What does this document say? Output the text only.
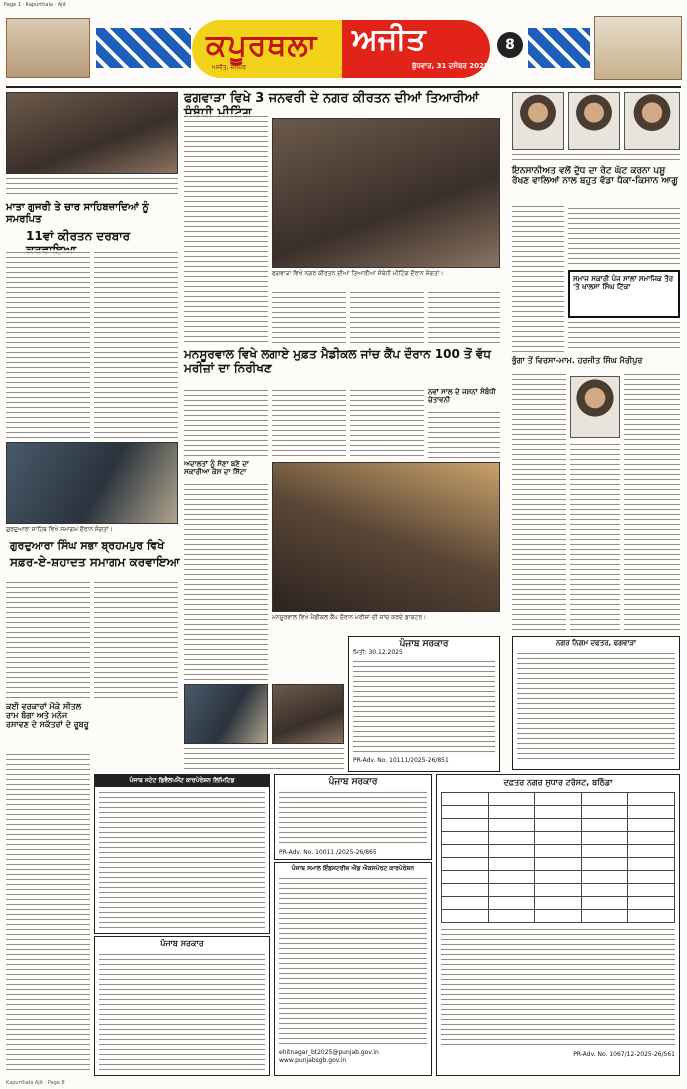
Page 1 · Kapurthala · Ajit
ਕਪੂਰਥਲਾ ਅਜੀਤ
ਬੁੱਧਵਾਰ, 31 ਦਸੰਬਰ 2025
ਅਜੀਤ, ਜਲੰਧਰ
8
ਮਾਤਾ ਗੁਜਰੀ ਤੇ ਚਾਰ ਸਾਹਿਬਜ਼ਾਦਿਆਂ ਨੂੰ ਸਮਰਪਿਤ
11ਵਾਂ ਕੀਰਤਨ ਦਰਬਾਰ
ਗੁਰਦੁਆਰਾ ਸਾਹਿਬ ਵਿਖੇ ਸਮਾਗਮ ਦੌਰਾਨ ਸੰਗਤਾਂ।
ਗੁਰਦੁਆਰਾ ਸਿੰਘ ਸਭਾ ਬ੍ਰਹਮਪੁਰ ਵਿਖੇ
ਸਫ਼ਰ-ਏ-ਸ਼ਹਾਦਤ ਸਮਾਗਮ ਕਰਵਾਇਆ
ਕਈ ਵਰਕਾਰਾਂ ਮੌਕੇ ਸੀਤਲ ਰਾਮ ਬੰਗਾ ਅਤੇ ਮਨੋਜ ਰਸਾਵਣ ਦੇ ਸਕੱਤਰਾਂ ਦੇ ਰੂਬਰੂ
ਫਗਵਾੜਾ ਵਿਖੇ 3 ਜਨਵਰੀ ਦੇ ਨਗਰ ਕੀਰਤਨ ਦੀਆਂ ਤਿਆਰੀਆਂ
ਫਗਵਾੜਾ ਵਿਖੇ ਨਗਰ ਕੀਰਤਨ ਦੀਆਂ ਤਿਆਰੀਆਂ ਸੰਬੰਧੀ ਮੀਟਿੰਗ ਦੌਰਾਨ ਸੰਗਤਾਂ।
ਮਨਸੂਰਵਾਲ ਵਿਖੇ ਲਗਾਏ ਮੁਫ਼ਤ ਮੈਡੀਕਲ ਜਾਂਚ ਕੈਂਪ ਦੌਰਾਨ 100 ਤੋਂ ਵੱਧ ਮਰੀਜ਼ਾਂ ਦਾ ਨਿਰੀਖਣ
ਨਵਾਂ ਸਾਲ ਦੇ ਜਸ਼ਨਾਂ ਸੰਬੰਧੀ ਚੇਤਾਵਨੀ
ਅਦਾਲਤਾਂ ਨੂੰ ਸੋਣਾ ਬਣੇ ਦਾ ਸਕਾਰੀਆ ਕੇਸ ਦਾ ਸਿੱਟਾ
ਮਨਸੂਰਵਾਲ ਵਿਖੇ ਮੈਡੀਕਲ ਕੈਂਪ ਦੌਰਾਨ ਮਰੀਜ਼ਾਂ ਦੀ ਜਾਂਚ ਕਰਦੇ ਡਾਕਟਰ।
ਪੰਜਾਬ ਸਰਕਾਰ
ਮਿਤੀ: 30.12.2025
PR-Adv. No. 10111/2025-26/851
ਇਨਸਾਨੀਅਤ ਵਲੋਂ ਦੁੱਧ ਦਾ ਰੇਟ ਘੱਟ ਕਰਨਾ ਪਸ਼ੂ ਰੱਖਣ ਵਾਲਿਆਂ ਨਾਲ ਬਹੁਤ ਵੱਡਾ ਧੱਕਾ-ਕਿਸਾਨ ਆਗੂ
ਸਮਾਜ ਸਕਾਰੀ ਪੰਜ ਸਾਲਾਂ ਸਮਾਜਿਕ ਤੌਰ 'ਤੇ ਖਾਲਸਾ ਸਿੰਘ ਟਿੱਕਾ
ਭੁੰਗਾ ਤੋਂ ਵਿਰਸਾ-ਮਾਮ. ਹਰਜੀਤ ਸਿੰਘ ਮੈਰੀਪੁਰ
ਨਗਰ ਨਿਗਮ ਦਫਤਰ, ਫਗਵਾੜਾ
ਪੰਜਾਬ ਸਟੇਟ ਡਿਵੈਲਪਮੈਂਟ ਕਾਰਪੋਰੇਸ਼ਨ ਲਿਮਿਟਿਡ
ਪੰਜਾਬ ਸਰਕਾਰ
ਪੰਜਾਬ ਸਰਕਾਰ
PR-Adv. No. 10011 /2025-26/865
ਪੰਜਾਬ ਸਮਾਲ ਇੰਡਸਟਰੀਜ਼ ਐਂਡ ਐਕਸਪੋਰਟ ਕਾਰਪੋਰੇਸ਼ਨ
ehitnagar_bt2025@punjab.gov.in
www.punjabsgb.gov.in
ਦਫ਼ਤਰ ਨਗਰ ਸੁਧਾਰ ਟਰੱਸਟ, ਬਠਿੰਡਾ

PR-Adv. No. 1067/12-2025-26/561
Kapurthala Ajit · Page 8
